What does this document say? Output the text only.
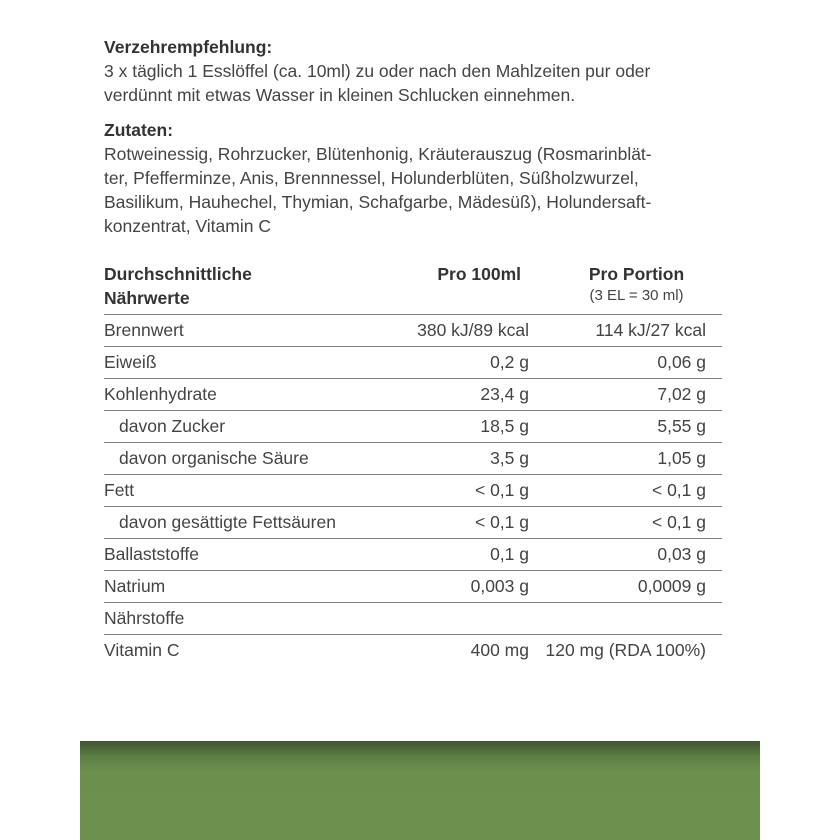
Verzehrempfehlung:
3 x täglich 1 Esslöffel (ca. 10ml) zu oder nach den Mahlzeiten pur oder
verdünnt mit etwas Wasser in kleinen Schlucken einnehmen.
Zutaten:
Rotweinessig, Rohrzucker, Blütenhonig, Kräuterauszug (Rosmarinblät-
ter, Pfefferminze, Anis, Brennnessel, Holunderblüten, Süßholzwurzel,
Basilikum, Hauhechel, Thymian, Schafgarbe, Mädesüß), Holundersaft-
konzentrat, Vitamin C
Durchschnittliche
Nährwerte	Pro 100ml	Pro Portion
(3 EL = 30 ml)

Brennwert	380 kJ/89 kcal	114 kJ/27 kcal
Eiweiß	0,2 g	0,06 g
Kohlenhydrate	23,4 g	7,02 g
davon Zucker	18,5 g	5,55 g
davon organische Säure	3,5 g	1,05 g
Fett	< 0,1 g	< 0,1 g
davon gesättigte Fettsäuren	< 0,1 g	< 0,1 g
Ballaststoffe	0,1 g	0,03 g
Natrium	0,003 g	0,0009 g
Nährstoffe		
Vitamin C	400 mg	120 mg (RDA 100%)
